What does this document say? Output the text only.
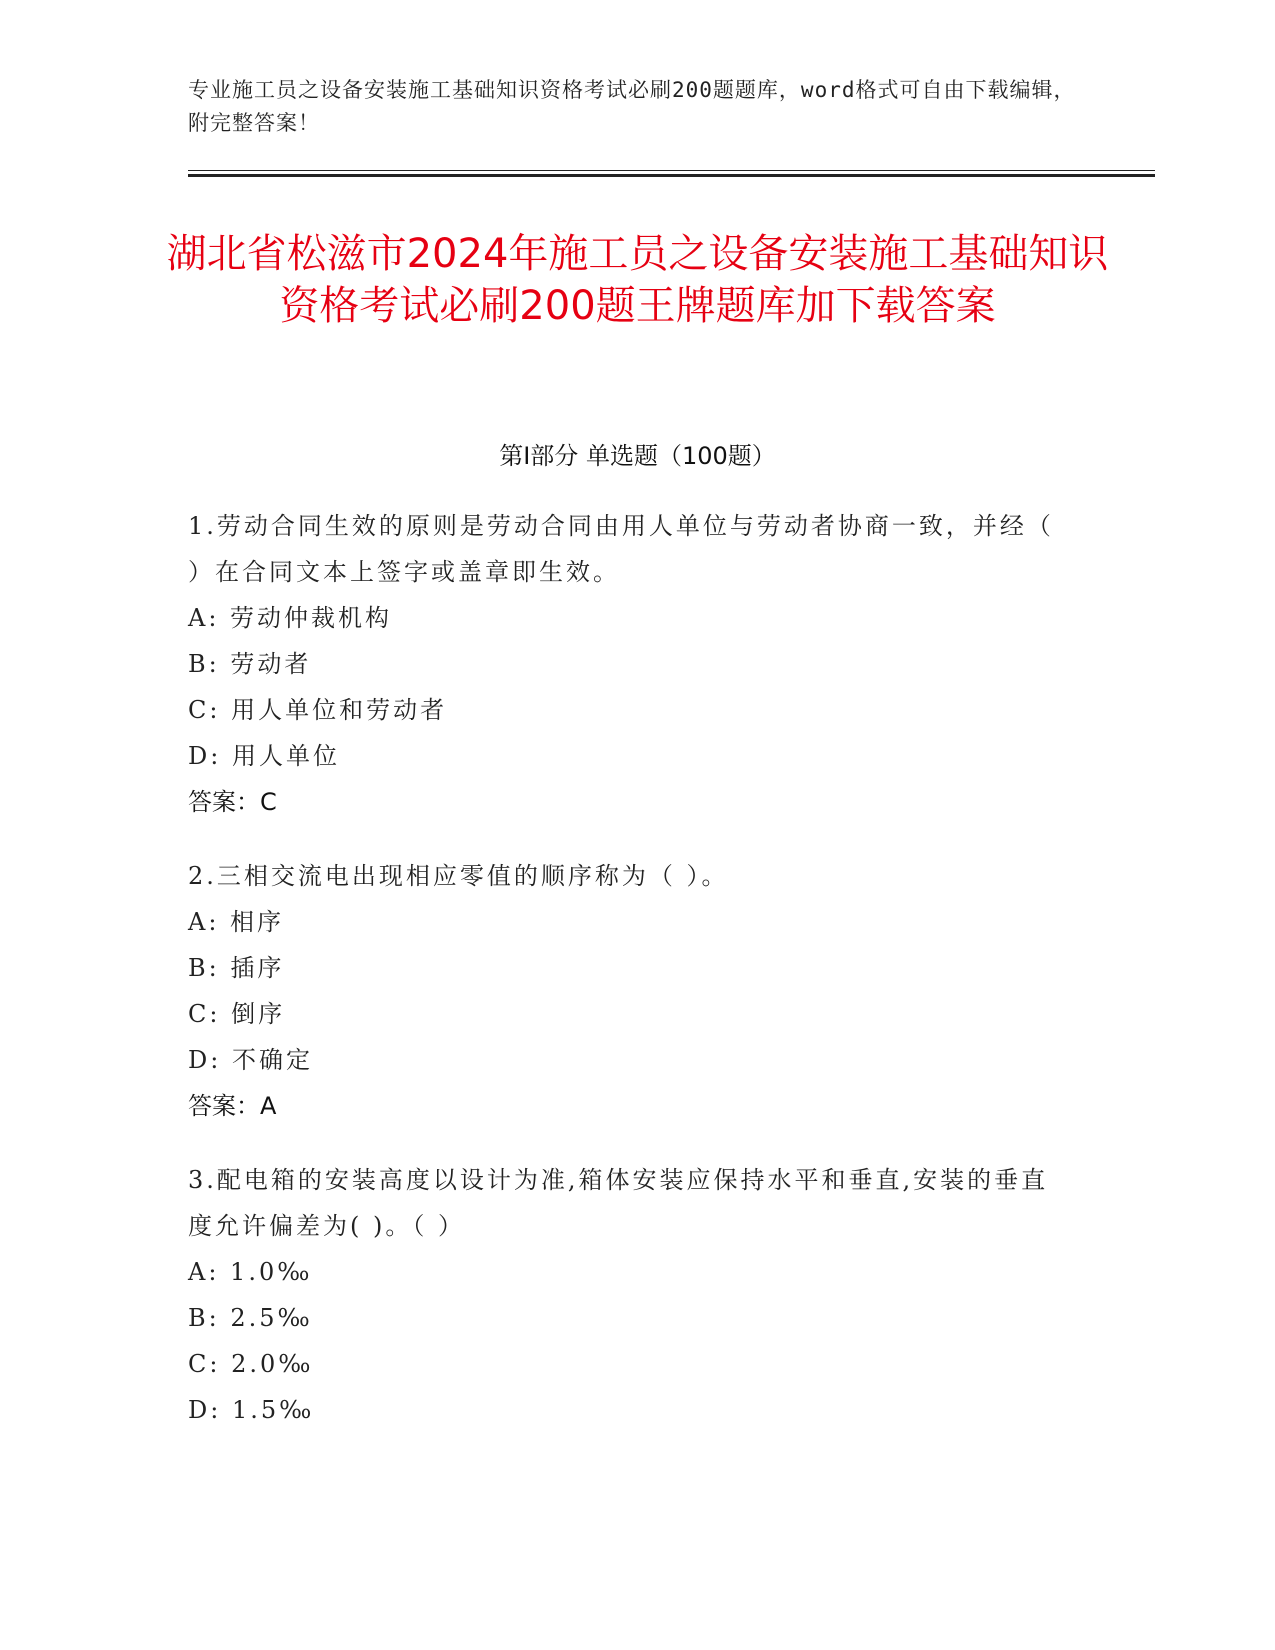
专业施工员之设备安装施工基础知识资格考试必刷200题题库，word格式可自由下载编辑，附完整答案！
湖北省松滋市2024年施工员之设备安装施工基础知识资格考试必刷200题王牌题库加下载答案
第I部分 单选题（100题）

1.劳动合同生效的原则是劳动合同由用人单位与劳动者协商一致，并经（ ）在合同文本上签字或盖章即生效。

A: 劳动仲裁机构

B: 劳动者

C: 用人单位和劳动者

D: 用人单位

答案：C

2.三相交流电出现相应零值的顺序称为（ ）。

A: 相序

B: 插序

C: 倒序

D: 不确定

答案：A

3.配电箱的安装高度以设计为准,箱体安装应保持水平和垂直,安装的垂直度允许偏差为( )。（ ）

A: 1.0‰

B: 2.5‰

C: 2.0‰

D: 1.5‰
